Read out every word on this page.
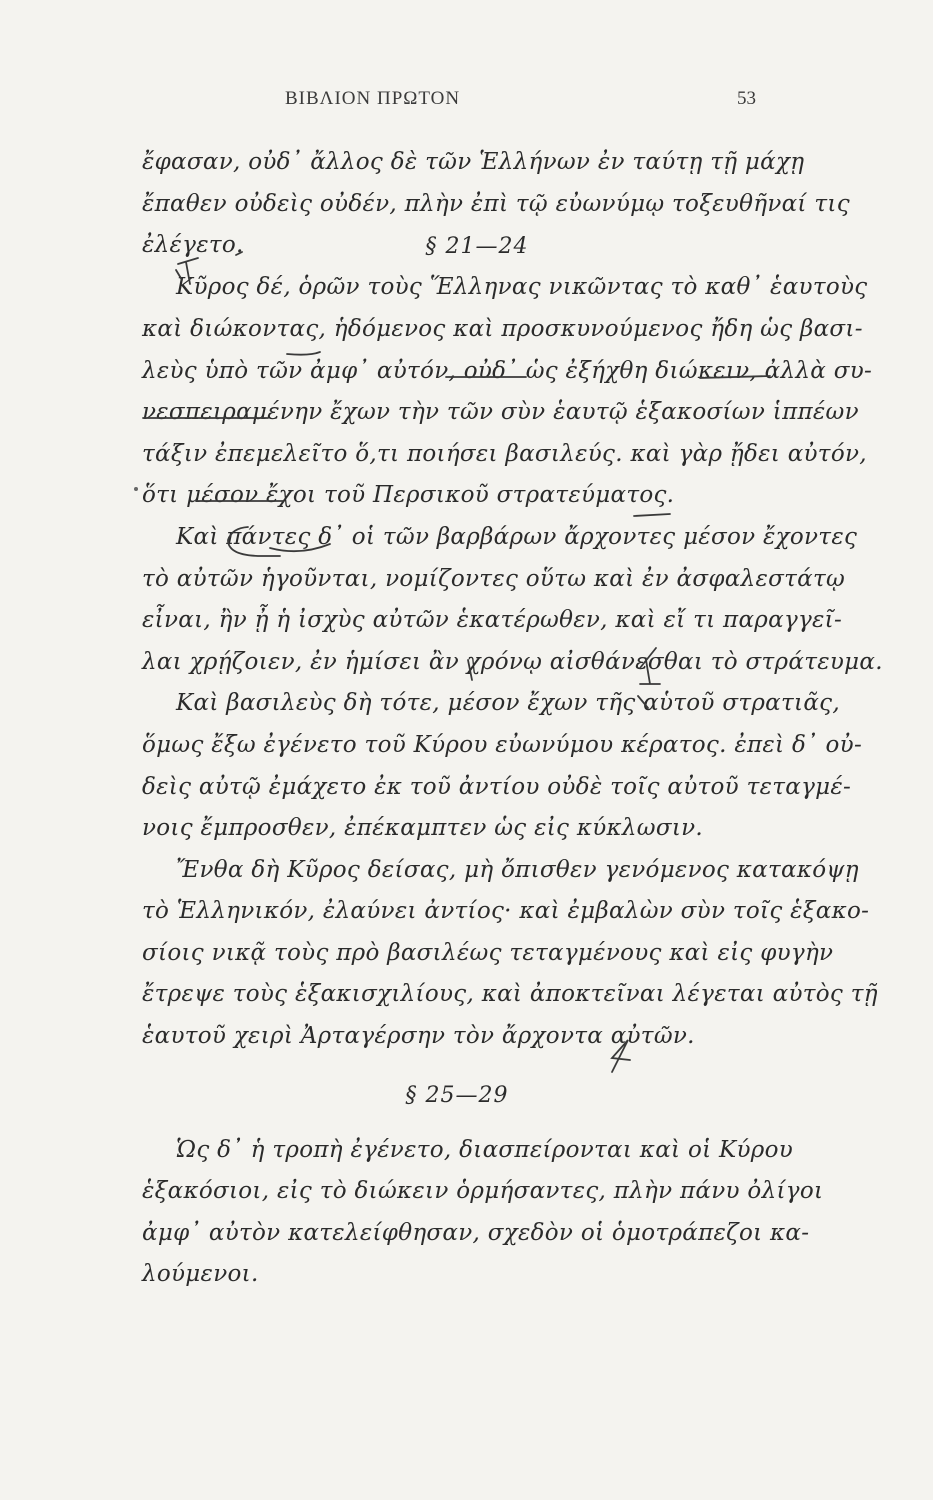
ΒΙΒΛΙΟΝ ΠΡΩΤΟΝ	53
ἔφασαν, οὐδ᾽ ἄλλος δὲ τῶν Ἑλλήνων ἐν ταύτῃ τῇ μάχῃ
ἔπαθεν οὐδεὶς οὐδέν, πλὴν ἐπὶ τῷ εὐωνύμῳ τοξευθῆναί τις
ἐλέγετο.	§ 21—24
Κῦρος δέ, ὁρῶν τοὺς Ἕλληνας νικῶντας τὸ καθ᾽ ἑαυτοὺς
καὶ διώκοντας, ἡδόμενος καὶ προσκυνούμενος ἤδη ὡς βασι-
λεὺς ὑπὸ τῶν ἀμφ᾽ αὐτόν, οὐδ᾽ ὡς ἐξήχθη διώκειν, ἀλλὰ συ-
νεσπειραμένην ἔχων τὴν τῶν σὺν ἑαυτῷ ἑξακοσίων ἱππέων
τάξιν ἐπεμελεῖτο ὅ,τι ποιήσει βασιλεύς. καὶ γὰρ ᾔδει αὐτόν,
ὅτι μέσον ἔχοι τοῦ Περσικοῦ στρατεύματος.
Καὶ πάντες δ᾽ οἱ τῶν βαρβάρων ἄρχοντες μέσον ἔχοντες
τὸ αὐτῶν ἡγοῦνται, νομίζοντες οὕτω καὶ ἐν ἀσφαλεστάτῳ
εἶναι, ἢν ᾖ ἡ ἰσχὺς αὐτῶν ἑκατέρωθεν, καὶ εἴ τι παραγγεῖ-
λαι χρῄζοιεν, ἐν ἡμίσει ἂν χρόνῳ αἰσθάνεσθαι τὸ στράτευμα.
Καὶ βασιλεὺς δὴ τότε, μέσον ἔχων τῆς αὑτοῦ στρατιᾶς,
ὅμως ἔξω ἐγένετο τοῦ Κύρου εὐωνύμου κέρατος. ἐπεὶ δ᾽ οὐ-
δεὶς αὐτῷ ἐμάχετο ἐκ τοῦ ἀντίου οὐδὲ τοῖς αὐτοῦ τεταγμέ-
νοις ἔμπροσθεν, ἐπέκαμπτεν ὡς εἰς κύκλωσιν.
Ἔνθα δὴ Κῦρος δείσας, μὴ ὄπισθεν γενόμενος κατακόψῃ
τὸ Ἑλληνικόν, ἐλαύνει ἀντίος· καὶ ἐμβαλὼν σὺν τοῖς ἑξακο-
σίοις νικᾷ τοὺς πρὸ βασιλέως τεταγμένους καὶ εἰς φυγὴν
ἔτρεψε τοὺς ἑξακισχιλίους, καὶ ἀποκτεῖναι λέγεται αὐτὸς τῇ
ἑαυτοῦ χειρὶ Ἀρταγέρσην τὸν ἄρχοντα αὐτῶν.
§ 25—29
Ὡς δ᾽ ἡ τροπὴ ἐγένετο, διασπείρονται καὶ οἱ Κύρου
ἑξακόσιοι, εἰς τὸ διώκειν ὁρμήσαντες, πλὴν πάνυ ὀλίγοι
ἀμφ᾽ αὐτὸν κατελείφθησαν, σχεδὸν οἱ ὁμοτράπεζοι κα-
λούμενοι.
